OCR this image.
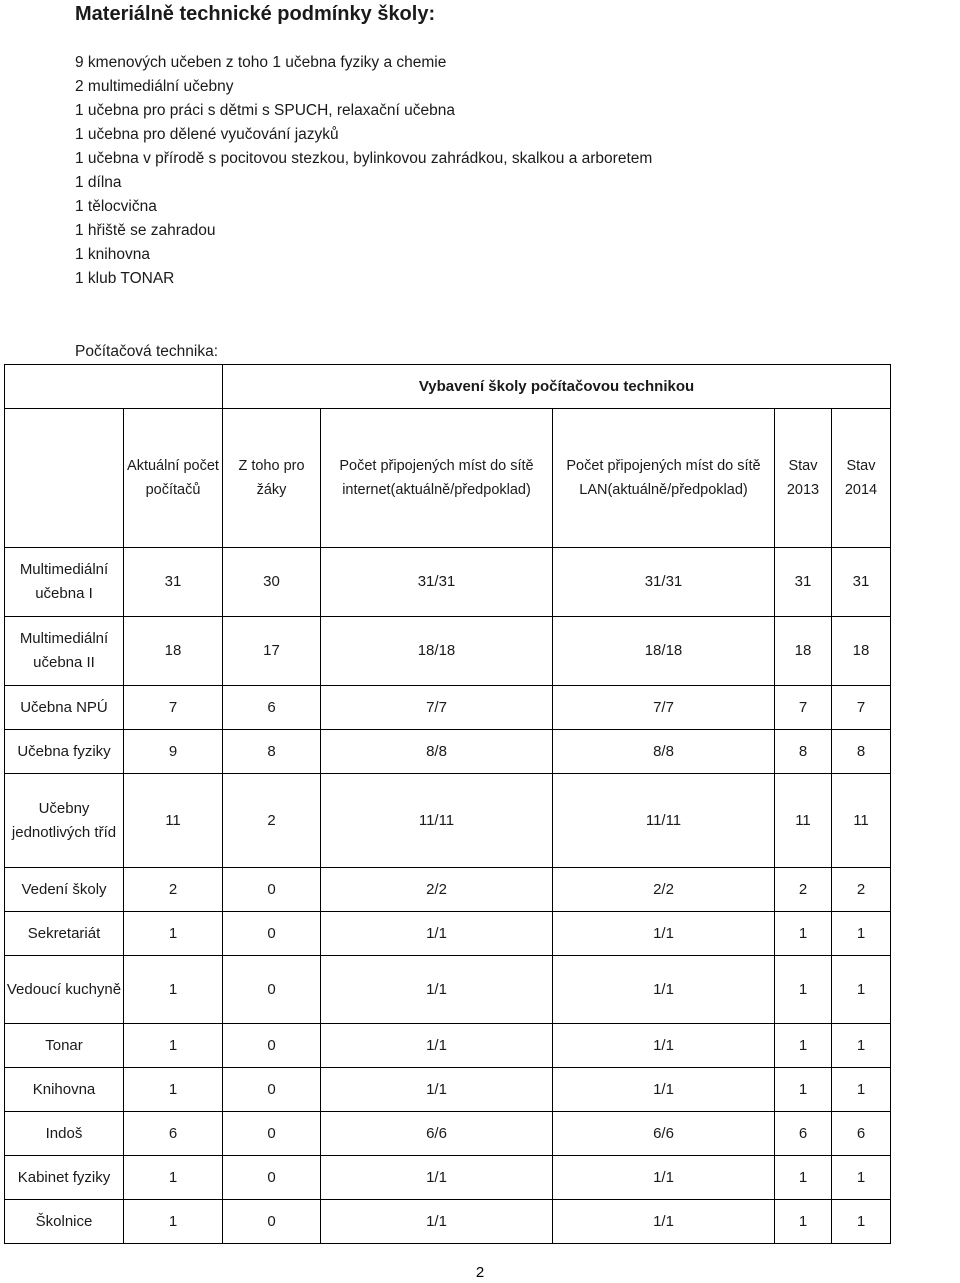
Materiálně technické podmínky školy:
9 kmenových učeben z toho 1 učebna fyziky a chemie
2 multimediální učebny
1 učebna pro práci s dětmi s SPUCH, relaxační učebna
1 učebna pro dělené vyučování jazyků
1 učebna v přírodě s pocitovou stezkou, bylinkovou zahrádkou, skalkou a arboretem
1 dílna
1 tělocvična
1 hřiště se zahradou
1 knihovna
1 klub TONAR
Počítačová technika:
		Vybavení školy počítačovou technikou				
	Aktuální počet počítačů	Z toho pro žáky	Počet připojených míst do sítě internet(aktuálně/předpoklad)	Počet připojených míst do sítě LAN(aktuálně/předpoklad)	Stav 2013	Stav 2014
Multimediální učebna I	31	30	31/31	31/31	31	31
Multimediální učebna II	18	17	18/18	18/18	18	18
Učebna NPÚ	7	6	7/7	7/7	7	7
Učebna fyziky	9	8	8/8	8/8	8	8
Učebny jednotlivých tříd	11	2	11/11	11/11	11	11
Vedení školy	2	0	2/2	2/2	2	2
Sekretariát	1	0	1/1	1/1	1	1
Vedoucí kuchyně	1	0	1/1	1/1	1	1
Tonar	1	0	1/1	1/1	1	1
Knihovna	1	0	1/1	1/1	1	1
Indoš	6	0	6/6	6/6	6	6
Kabinet fyziky	1	0	1/1	1/1	1	1
Školnice	1	0	1/1	1/1	1	1
2
